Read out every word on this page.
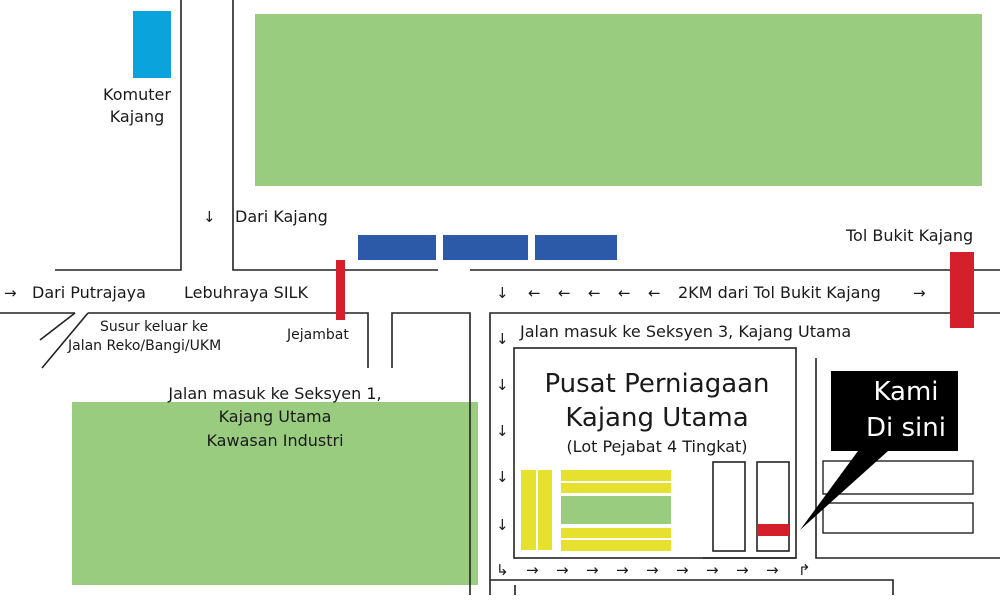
Kami
Di sini
Komuter
Kajang
↓ Dari Kajang
Tol Bukit Kajang
→ Dari Putrajaya Lebuhraya SILK	↓ ← ← ← ← ← 2KM dari Tol Bukit Kajang →
Susur keluar ke
Jalan Reko/Bangi/UKM
Jejambat	Jalan masuk ke Seksyen 3, Kajang Utama
Jalan masuk ke Seksyen 1,
Kajang Utama
Kawasan Industri
Pusat Perniagaan
Kajang Utama
(Lot Pejabat 4 Tingkat)
↓
↓
↓
↓
↓
↳ → → → → → → → → → ↱
